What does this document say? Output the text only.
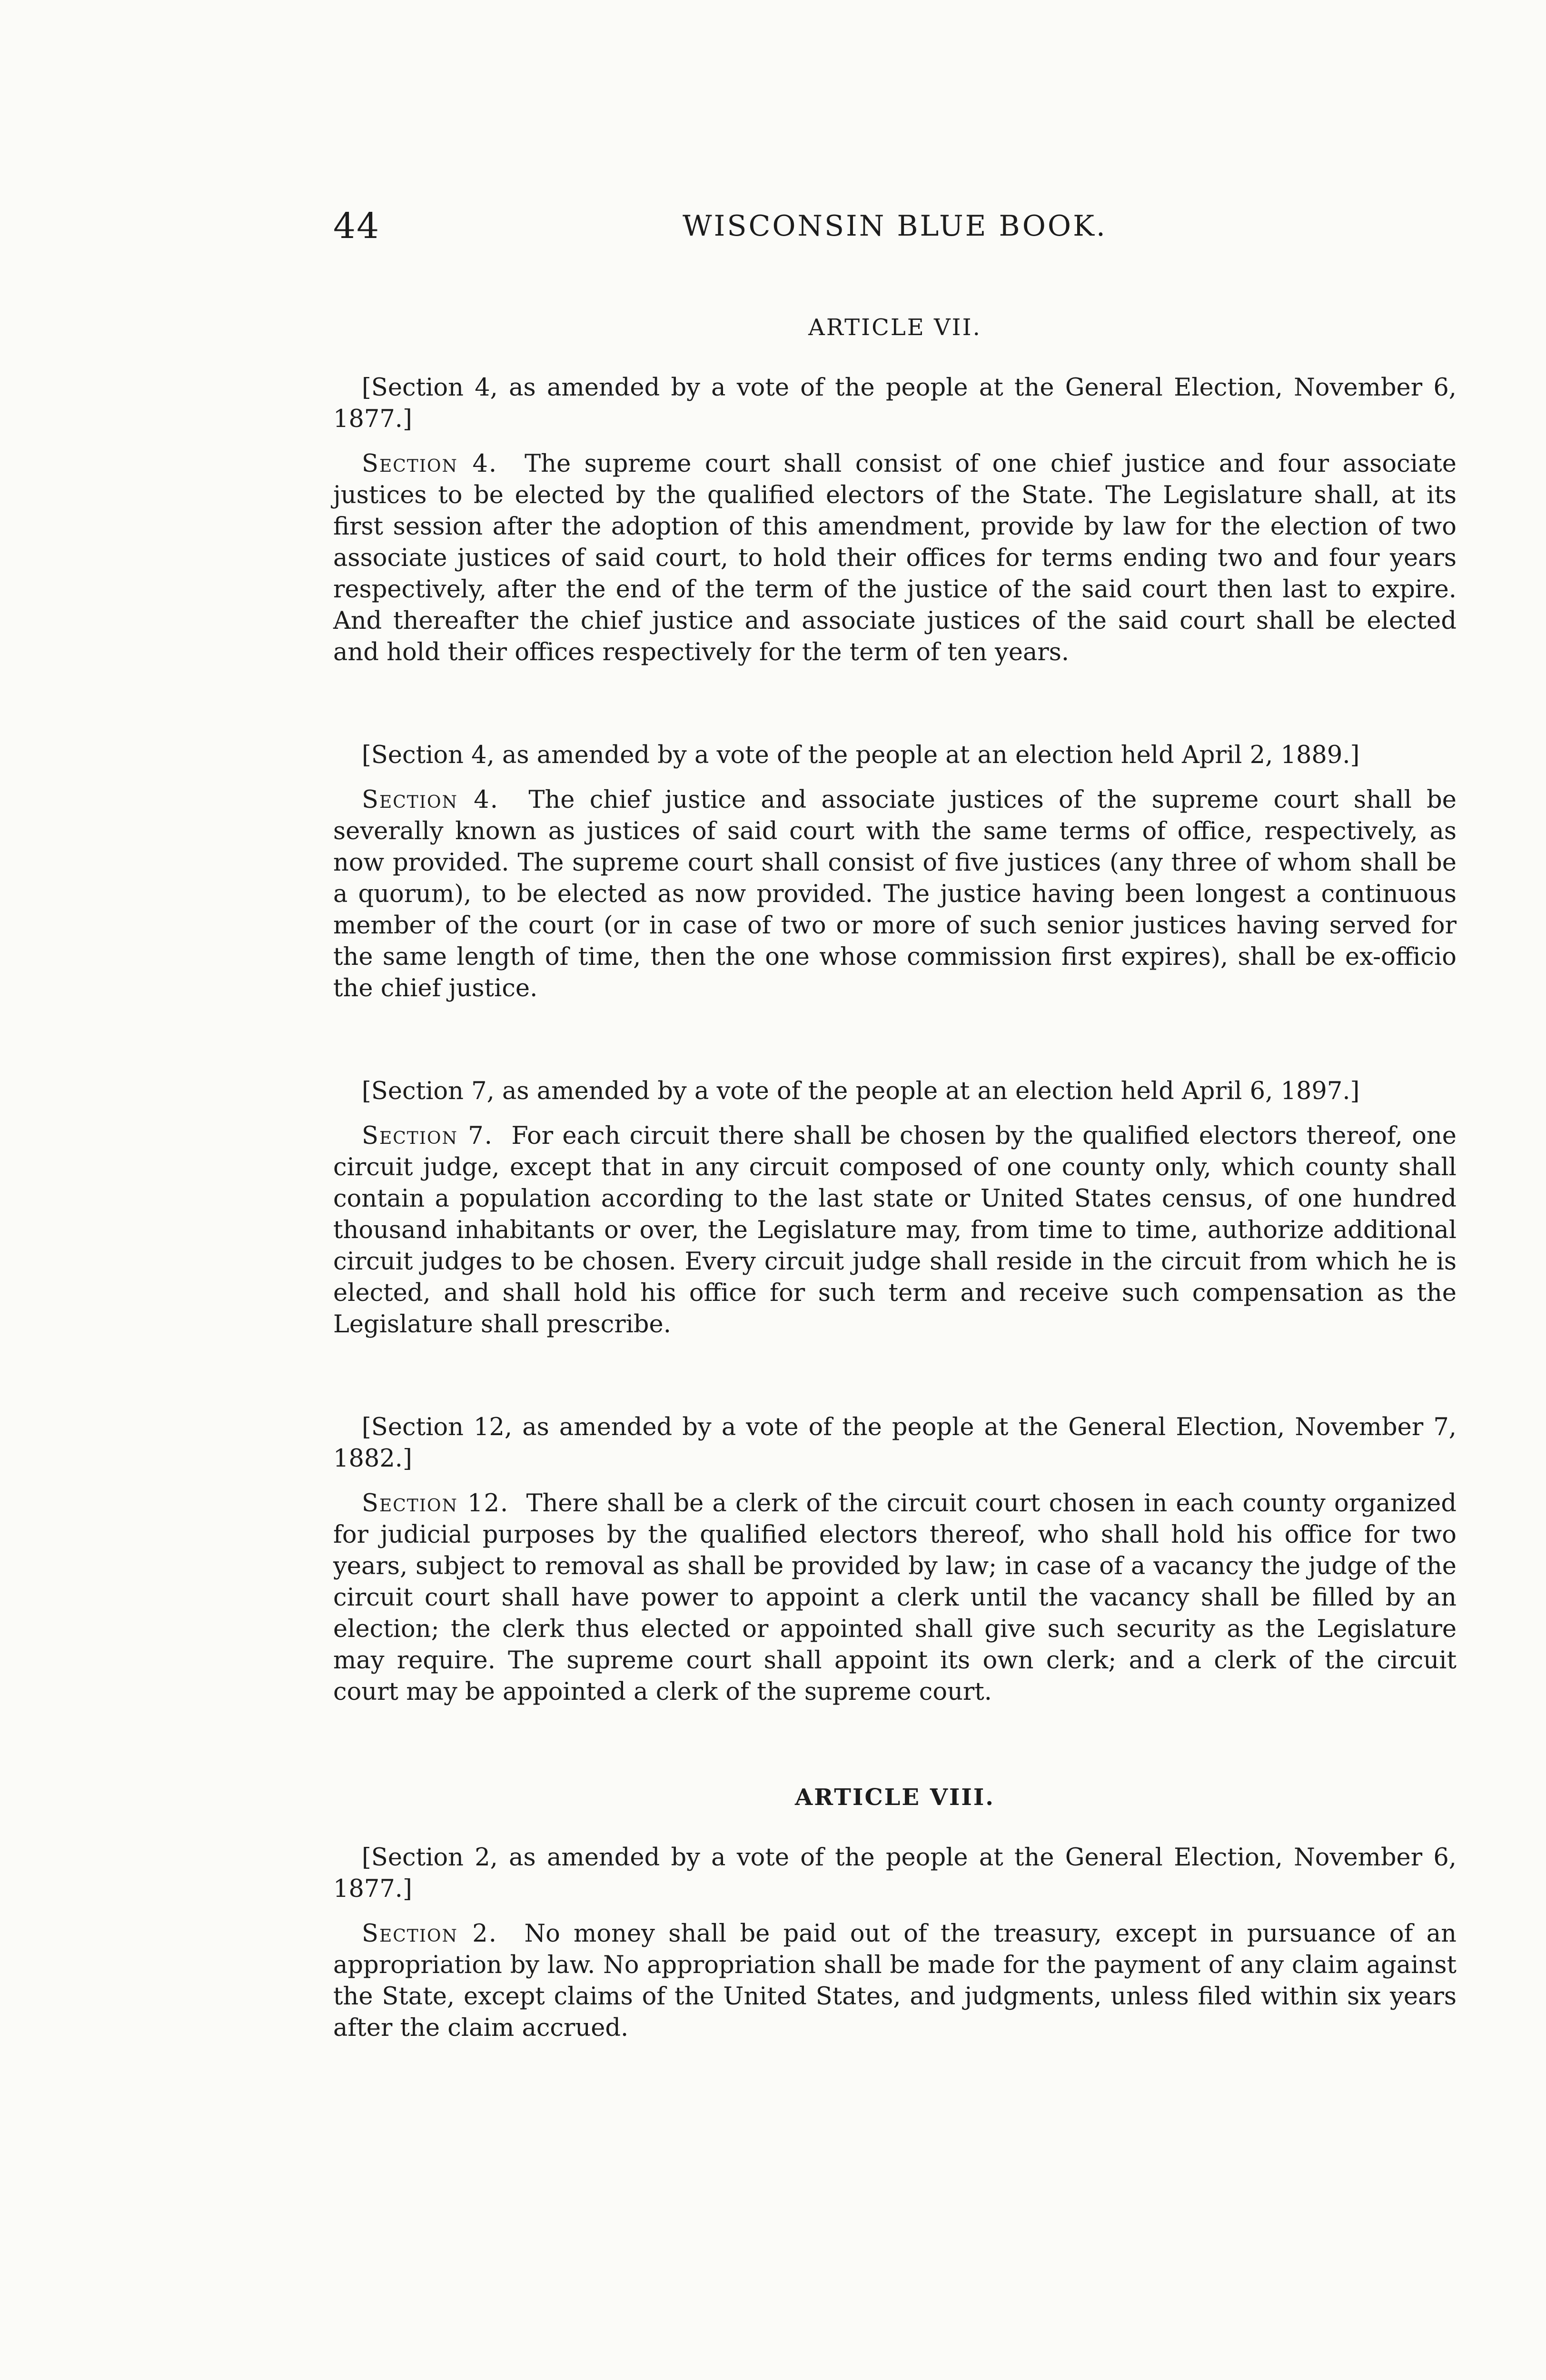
44	WISCONSIN BLUE BOOK.
ARTICLE VII.

[Section 4, as amended by a vote of the people at the General Election, November 6, 1877.]

Section 4. The supreme court shall consist of one chief justice and four associate justices to be elected by the qualified electors of the State. The Legislature shall, at its first session after the adoption of this amendment, provide by law for the election of two associate justices of said court, to hold their offices for terms ending two and four years respectively, after the end of the term of the justice of the said court then last to expire. And thereafter the chief justice and associate justices of the said court shall be elected and hold their offices respectively for the term of ten years.

[Section 4, as amended by a vote of the people at an election held April 2, 1889.]

Section 4. The chief justice and associate justices of the supreme court shall be severally known as justices of said court with the same terms of office, respectively, as now provided. The supreme court shall consist of five justices (any three of whom shall be a quorum), to be elected as now provided. The justice having been longest a continuous member of the court (or in case of two or more of such senior justices having served for the same length of time, then the one whose commission first expires), shall be ex-officio the chief justice.

[Section 7, as amended by a vote of the people at an election held April 6, 1897.]

Section 7. For each circuit there shall be chosen by the qualified electors thereof, one circuit judge, except that in any circuit composed of one county only, which county shall contain a population according to the last state or United States census, of one hundred thousand inhabitants or over, the Legislature may, from time to time, authorize additional circuit judges to be chosen. Every circuit judge shall reside in the circuit from which he is elected, and shall hold his office for such term and receive such compensation as the Legislature shall prescribe.

[Section 12, as amended by a vote of the people at the General Election, November 7, 1882.]

Section 12. There shall be a clerk of the circuit court chosen in each county organized for judicial purposes by the qualified electors thereof, who shall hold his office for two years, subject to removal as shall be provided by law; in case of a vacancy the judge of the circuit court shall have power to appoint a clerk until the vacancy shall be filled by an election; the clerk thus elected or appointed shall give such security as the Legislature may require. The supreme court shall appoint its own clerk; and a clerk of the circuit court may be appointed a clerk of the supreme court.

ARTICLE VIII.

[Section 2, as amended by a vote of the people at the General Election, November 6, 1877.]

Section 2. No money shall be paid out of the treasury, except in pursuance of an appropriation by law. No appropriation shall be made for the payment of any claim against the State, except claims of the United States, and judgments, unless filed within six years after the claim accrued.
